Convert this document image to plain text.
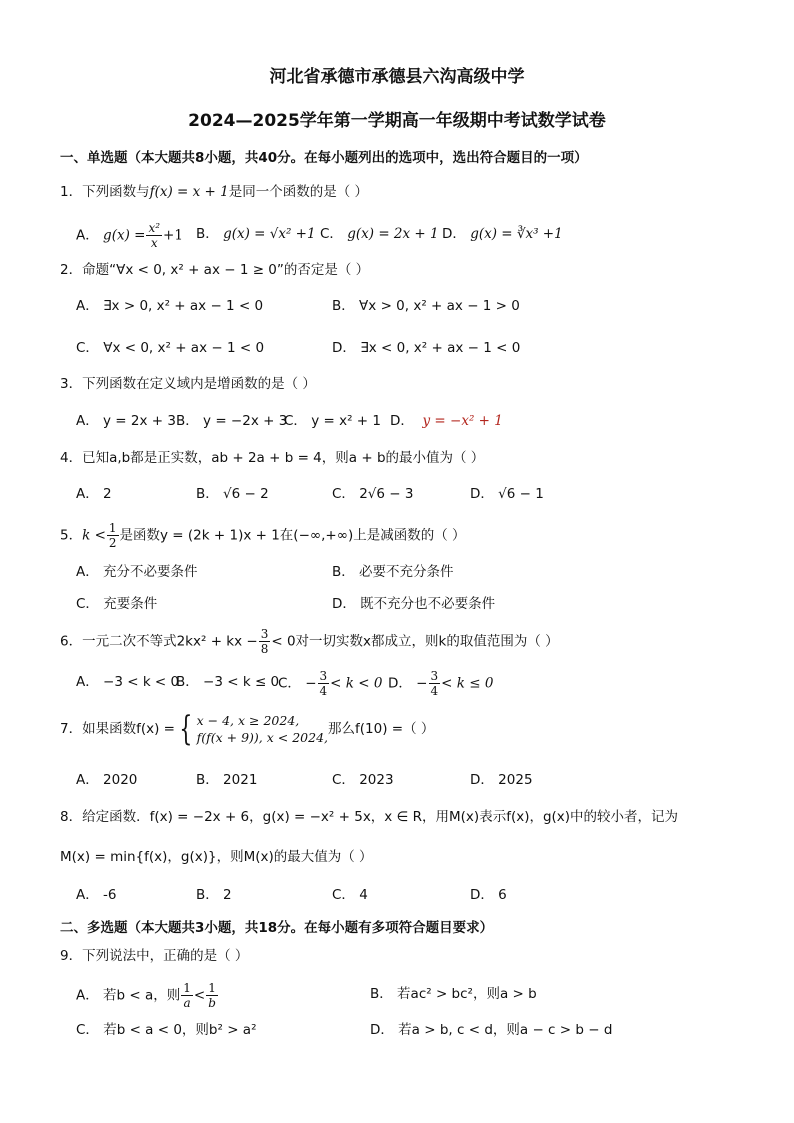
河北省承德市承德县六沟高级中学
2024—2025学年第一学期高一年级期中考试数学试卷
一、单选题（本大题共8小题，共40分。在每小题列出的选项中，选出符合题目的一项）
1．下列函数与f(x) = x + 1是同一个函数的是（ ）
A． $g(x) = \frac{\text{x²}}{x} +1$ B． g(x) = √x² +1 C． g(x) = 2x + 1 D． g(x) = ∛x³ +1
2．命题“∀x < 0, x² + ax − 1 ≥ 0”的否定是（ ）
A． ∃x > 0, x² + ax − 1 < 0	B． ∀x > 0, x² + ax − 1 > 0
C． ∀x < 0, x² + ax − 1 < 0	D． ∃x < 0, x² + ax − 1 < 0
3．下列函数在定义域内是增函数的是（ ）
A． y = 2x + 3 B． y = −2x + 3
C． y = x² + 1 D． y = −x² + 1
4．已知a,b都是正实数，ab + 2a + b = 4，则a + b的最小值为（ ）
A． 2	B． √6 − 2	C． 2√6 − 3	D． √6 − 1
5．$k < \frac{1}{2}$ 是函数y = (2k + 1)x + 1在(−∞,+∞)上是减函数的（ ）
A． 充分不必要条件	B． 必要不充分条件
C． 充要条件	D． 既不充分也不必要条件
6．一元二次不等式2kx² + kx − $\frac{3}{8} < 0$对一切实数x都成立，则k的取值范围为（ ）
A． −3 < k < 0
B． −3 < k ≤ 0
C． − $\frac{3}{4} < k < 0$ D． − $\frac{3}{4} < k \le 0$
7．如果函数f(x) = { x − 4, x ≥ 2024,
f(f(x + 9)), x < 2024,
那么f(10) =（ ）
A． 2020	B． 2021	C． 2023	D． 2025
8．给定函数．f(x) = −2x + 6，g(x) = −x² + 5x，x ∈ R，用M(x)表示f(x)，g(x)中的较小者，记为
M(x) = min{f(x)，g(x)}，则M(x)的最大值为（ ）
A． -6	B． 2	C． 4	D． 6
二、多选题（本大题共3小题，共18分。在每小题有多项符合题目要求）
9．下列说法中，正确的是（ ）
A． 若b < a，则 $\frac{1}{a} < \frac{1}{b}$	B． 若ac² > bc²，则a > b
C． 若b < a < 0，则b² > a²	D． 若a > b, c < d，则a − c > b − d
